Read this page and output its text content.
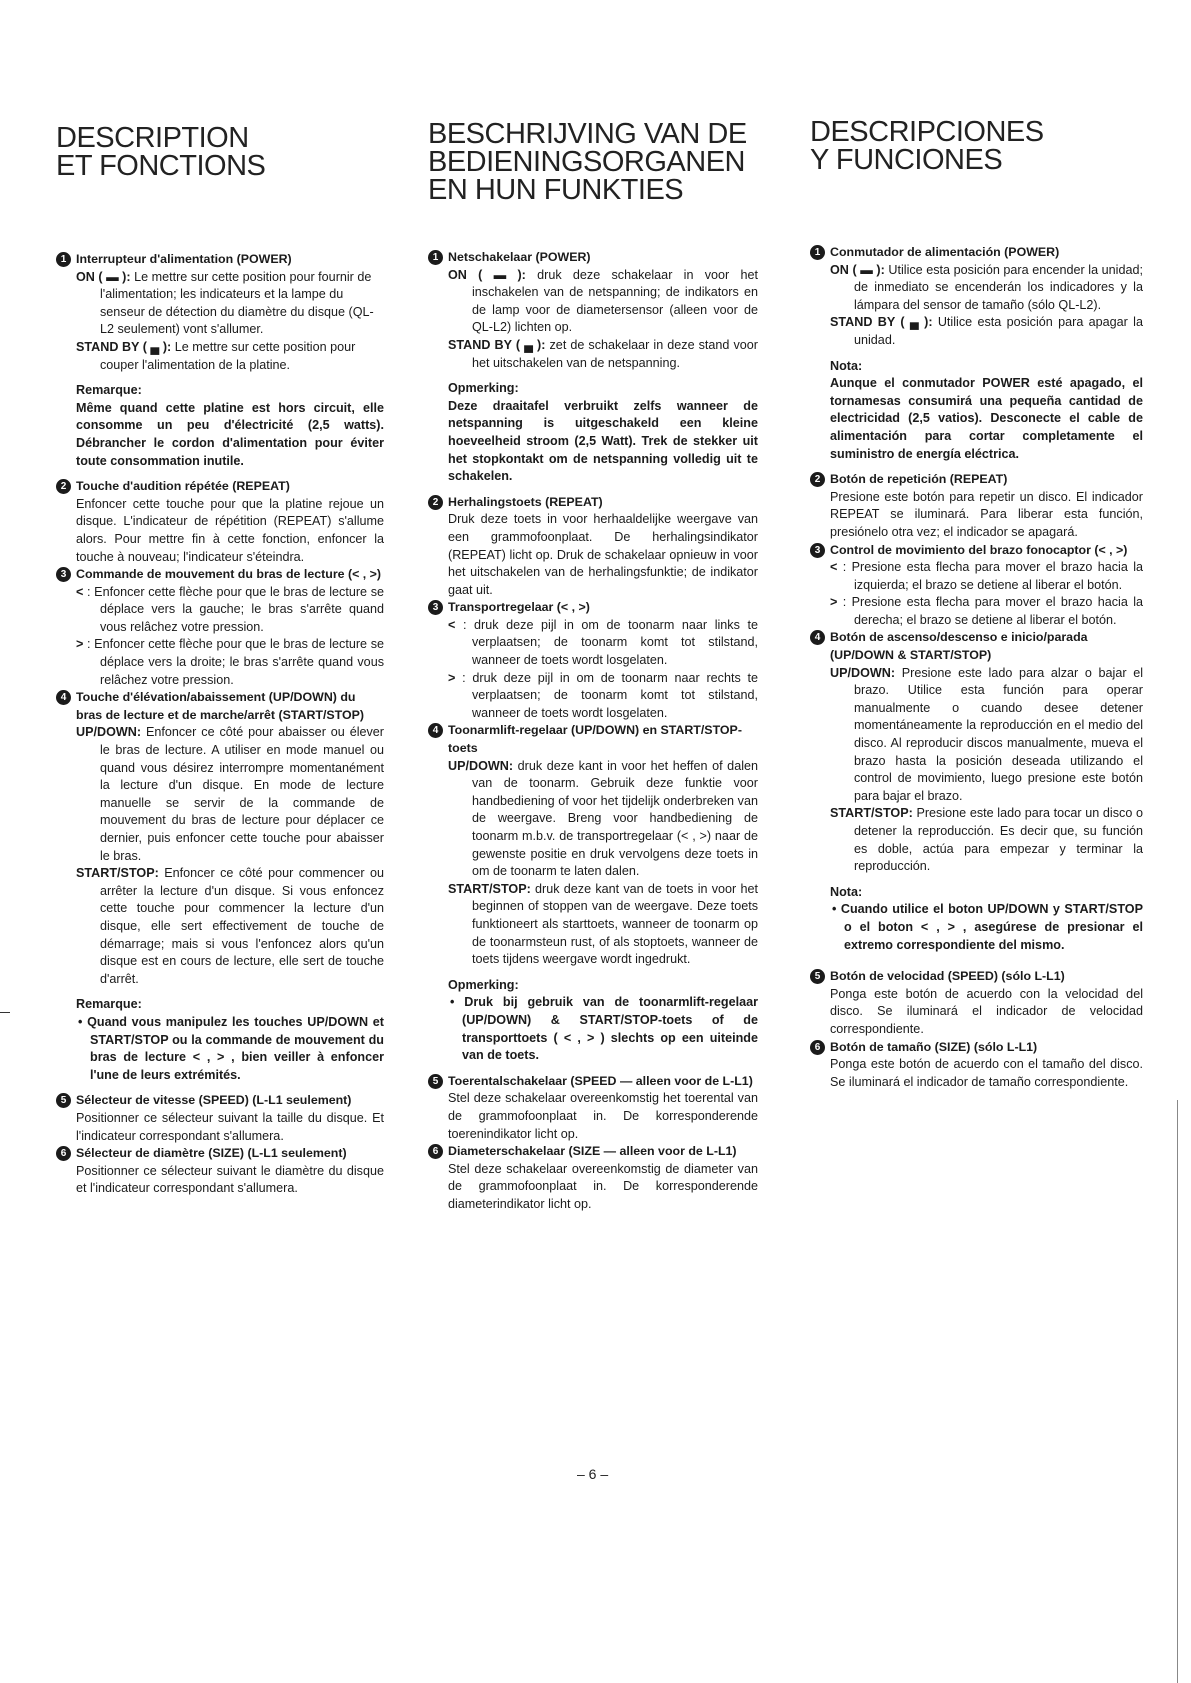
DESCRIPTION
ET FONCTIONS
1 Interrupteur d'alimentation (POWER)
ON ( ▬ ): Le mettre sur cette position pour fournir de l'alimentation; les indicateurs et la lampe du senseur de détection du diamètre du disque (QL-L2 seulement) vont s'allumer.
STAND BY ( ▄ ): Le mettre sur cette position pour couper l'alimentation de la platine.
Remarque:
Même quand cette platine est hors circuit, elle consomme un peu d'électricité (2,5 watts). Débrancher le cordon d'alimentation pour éviter toute consommation inutile.
2 Touche d'audition répétée (REPEAT)
Enfoncer cette touche pour que la platine rejoue un disque. L'indicateur de répétition (REPEAT) s'allume alors. Pour mettre fin à cette fonction, enfoncer la touche à nouveau; l'indicateur s'éteindra.
3 Commande de mouvement du bras de lecture (< , >)
< : Enfoncer cette flèche pour que le bras de lecture se déplace vers la gauche; le bras s'arrête quand vous relâchez votre pression.
> : Enfoncer cette flèche pour que le bras de lecture se déplace vers la droite; le bras s'arrête quand vous relâchez votre pression.
4 Touche d'élévation/abaissement (UP/DOWN) du bras de lecture et de marche/arrêt (START/STOP)
UP/DOWN: Enfoncer ce côté pour abaisser ou élever le bras de lecture. A utiliser en mode manuel ou quand vous désirez interrompre momentanément la lecture d'un disque. En mode de lecture manuelle se servir de la commande de mouvement du bras de lecture pour déplacer ce dernier, puis enfoncer cette touche pour abaisser le bras.
START/STOP: Enfoncer ce côté pour commencer ou arrêter la lecture d'un disque. Si vous enfoncez cette touche pour commencer la lecture d'un disque, elle sert effectivement de touche de démarrage; mais si vous l'enfoncez alors qu'un disque est en cours de lecture, elle sert de touche d'arrêt.
Remarque:
• Quand vous manipulez les touches UP/DOWN et START/STOP ou la commande de mouvement du bras de lecture < , > , bien veiller à enfoncer l'une de leurs extrémités.
5 Sélecteur de vitesse (SPEED) (L-L1 seulement)
Positionner ce sélecteur suivant la taille du disque. Et l'indicateur correspondant s'allumera.
6 Sélecteur de diamètre (SIZE) (L-L1 seulement)
Positionner ce sélecteur suivant le diamètre du disque et l'indicateur correspondant s'allumera.
BESCHRIJVING VAN DE
BEDIENINGSORGANEN
EN HUN FUNKTIES
1 Netschakelaar (POWER)
ON ( ▬ ): druk deze schakelaar in voor het inschakelen van de netspanning; de indikators en de lamp voor de diametersensor (alleen voor de QL-L2) lichten op.
STAND BY ( ▄ ): zet de schakelaar in deze stand voor het uitschakelen van de netspanning.
Opmerking:
Deze draaitafel verbruikt zelfs wanneer de netspanning is uitgeschakeld een kleine hoeveelheid stroom (2,5 Watt). Trek de stekker uit het stopkontakt om de netspanning volledig uit te schakelen.
2 Herhalingstoets (REPEAT)
Druk deze toets in voor herhaaldelijke weergave van een grammofoonplaat. De herhalingsindikator (REPEAT) licht op. Druk de schakelaar opnieuw in voor het uitschakelen van de herhalingsfunktie; de indikator gaat uit.
3 Transportregelaar (< , >)
< : druk deze pijl in om de toonarm naar links te verplaatsen; de toonarm komt tot stilstand, wanneer de toets wordt losgelaten.
> : druk deze pijl in om de toonarm naar rechts te verplaatsen; de toonarm komt tot stilstand, wanneer de toets wordt losgelaten.
4 Toonarmlift-regelaar (UP/DOWN) en START/STOP-toets
UP/DOWN: druk deze kant in voor het heffen of dalen van de toonarm. Gebruik deze funktie voor handbediening of voor het tijdelijk onderbreken van de weergave. Breng voor handbediening de toonarm m.b.v. de transportregelaar (< , >) naar de gewenste positie en druk vervolgens deze toets in om de toonarm te laten dalen.
START/STOP: druk deze kant van de toets in voor het beginnen of stoppen van de weergave. Deze toets funktioneert als starttoets, wanneer de toonarm op de toonarmsteun rust, of als stoptoets, wanneer de toets tijdens weergave wordt ingedrukt.
Opmerking:
• Druk bij gebruik van de toonarmlift-regelaar (UP/DOWN) & START/STOP-toets of de transporttoets ( < , > ) slechts op een uiteinde van de toets.
5 Toerentalschakelaar (SPEED — alleen voor de L-L1)
Stel deze schakelaar overeenkomstig het toerental van de grammofoonplaat in. De korresponderende toerenindikator licht op.
6 Diameterschakelaar (SIZE — alleen voor de L-L1)
Stel deze schakelaar overeenkomstig de diameter van de grammofoonplaat in. De korresponderende diameterindikator licht op.
DESCRIPCIONES
Y FUNCIONES
1 Conmutador de alimentación (POWER)
ON ( ▬ ): Utilice esta posición para encender la unidad; de inmediato se encenderán los indicadores y la lámpara del sensor de tamaño (sólo QL-L2).
STAND BY ( ▄ ): Utilice esta posición para apagar la unidad.
Nota:
Aunque el conmutador POWER esté apagado, el tornamesas consumirá una pequeña cantidad de electricidad (2,5 vatios). Desconecte el cable de alimentación para cortar completamente el suministro de energía eléctrica.
2 Botón de repetición (REPEAT)
Presione este botón para repetir un disco. El indicador REPEAT se iluminará. Para liberar esta función, presiónelo otra vez; el indicador se apagará.
3 Control de movimiento del brazo fonocaptor (< , >)
< : Presione esta flecha para mover el brazo hacia la izquierda; el brazo se detiene al liberar el botón.
> : Presione esta flecha para mover el brazo hacia la derecha; el brazo se detiene al liberar el botón.
4 Botón de ascenso/descenso e inicio/parada (UP/DOWN & START/STOP)
UP/DOWN: Presione este lado para alzar o bajar el brazo. Utilice esta función para operar manualmente o cuando desee detener momentáneamente la reproducción en el medio del disco. Al reproducir discos manualmente, mueva el brazo hasta la posición deseada utilizando el control de movimiento, luego presione este botón para bajar el brazo.
START/STOP: Presione este lado para tocar un disco o detener la reproducción. Es decir que, su función es doble, actúa para empezar y terminar la reproducción.
Nota:
• Cuando utilice el boton UP/DOWN y START/STOP o el boton < , > , asegúrese de presionar el extremo correspondiente del mismo.
5 Botón de velocidad (SPEED) (sólo L-L1)
Ponga este botón de acuerdo con la velocidad del disco. Se iluminará el indicador de velocidad correspondiente.
6 Botón de tamaño (SIZE) (sólo L-L1)
Ponga este botón de acuerdo con el tamaño del disco. Se iluminará el indicador de tamaño correspondiente.
– 6 –
